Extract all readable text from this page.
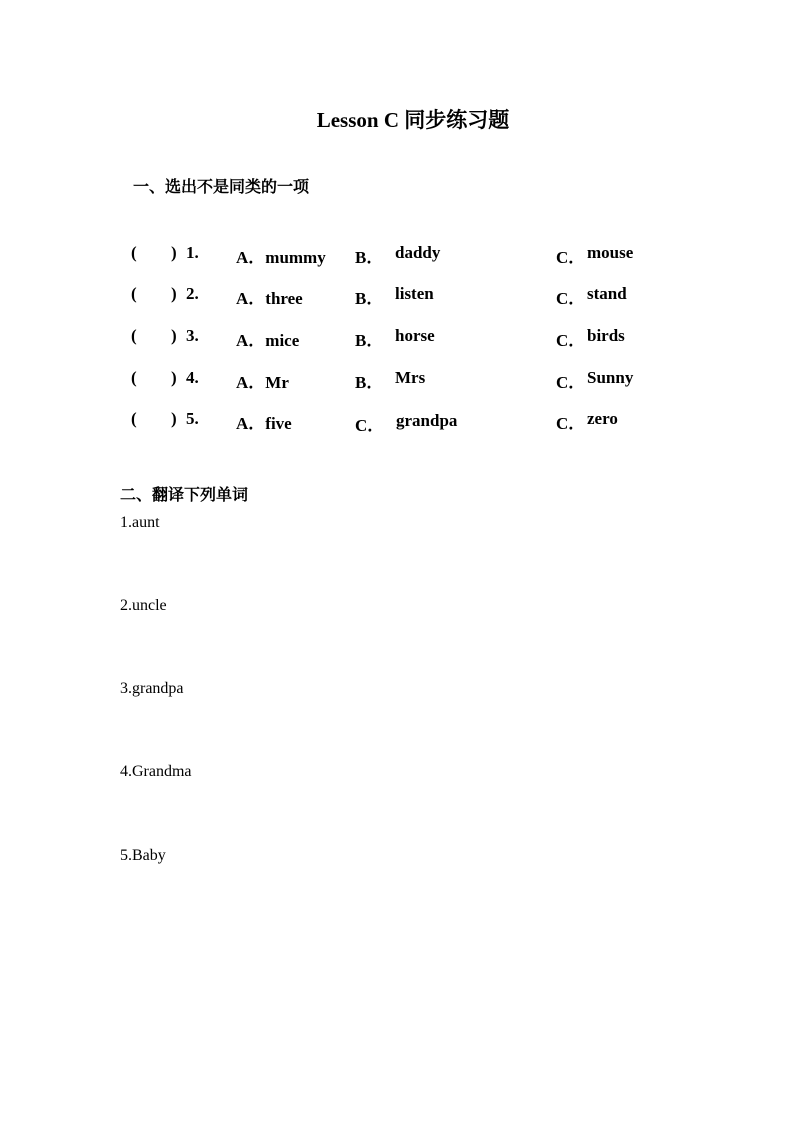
Lesson C 同步练习题
一、选出不是同类的一项
( ) 1. A．mummy B． daddy	C． mouse
( ) 2. A．three	B． listen	C． stand
( ) 3. A．mice	B． horse	C． birds
( ) 4. A．Mr	B． Mrs	C． Sunny
( ) 5. A．five	C． grandpa	C． zero
二、翻译下列单词
1.aunt
2.uncle
3.grandpa
4.Grandma
5.Baby
